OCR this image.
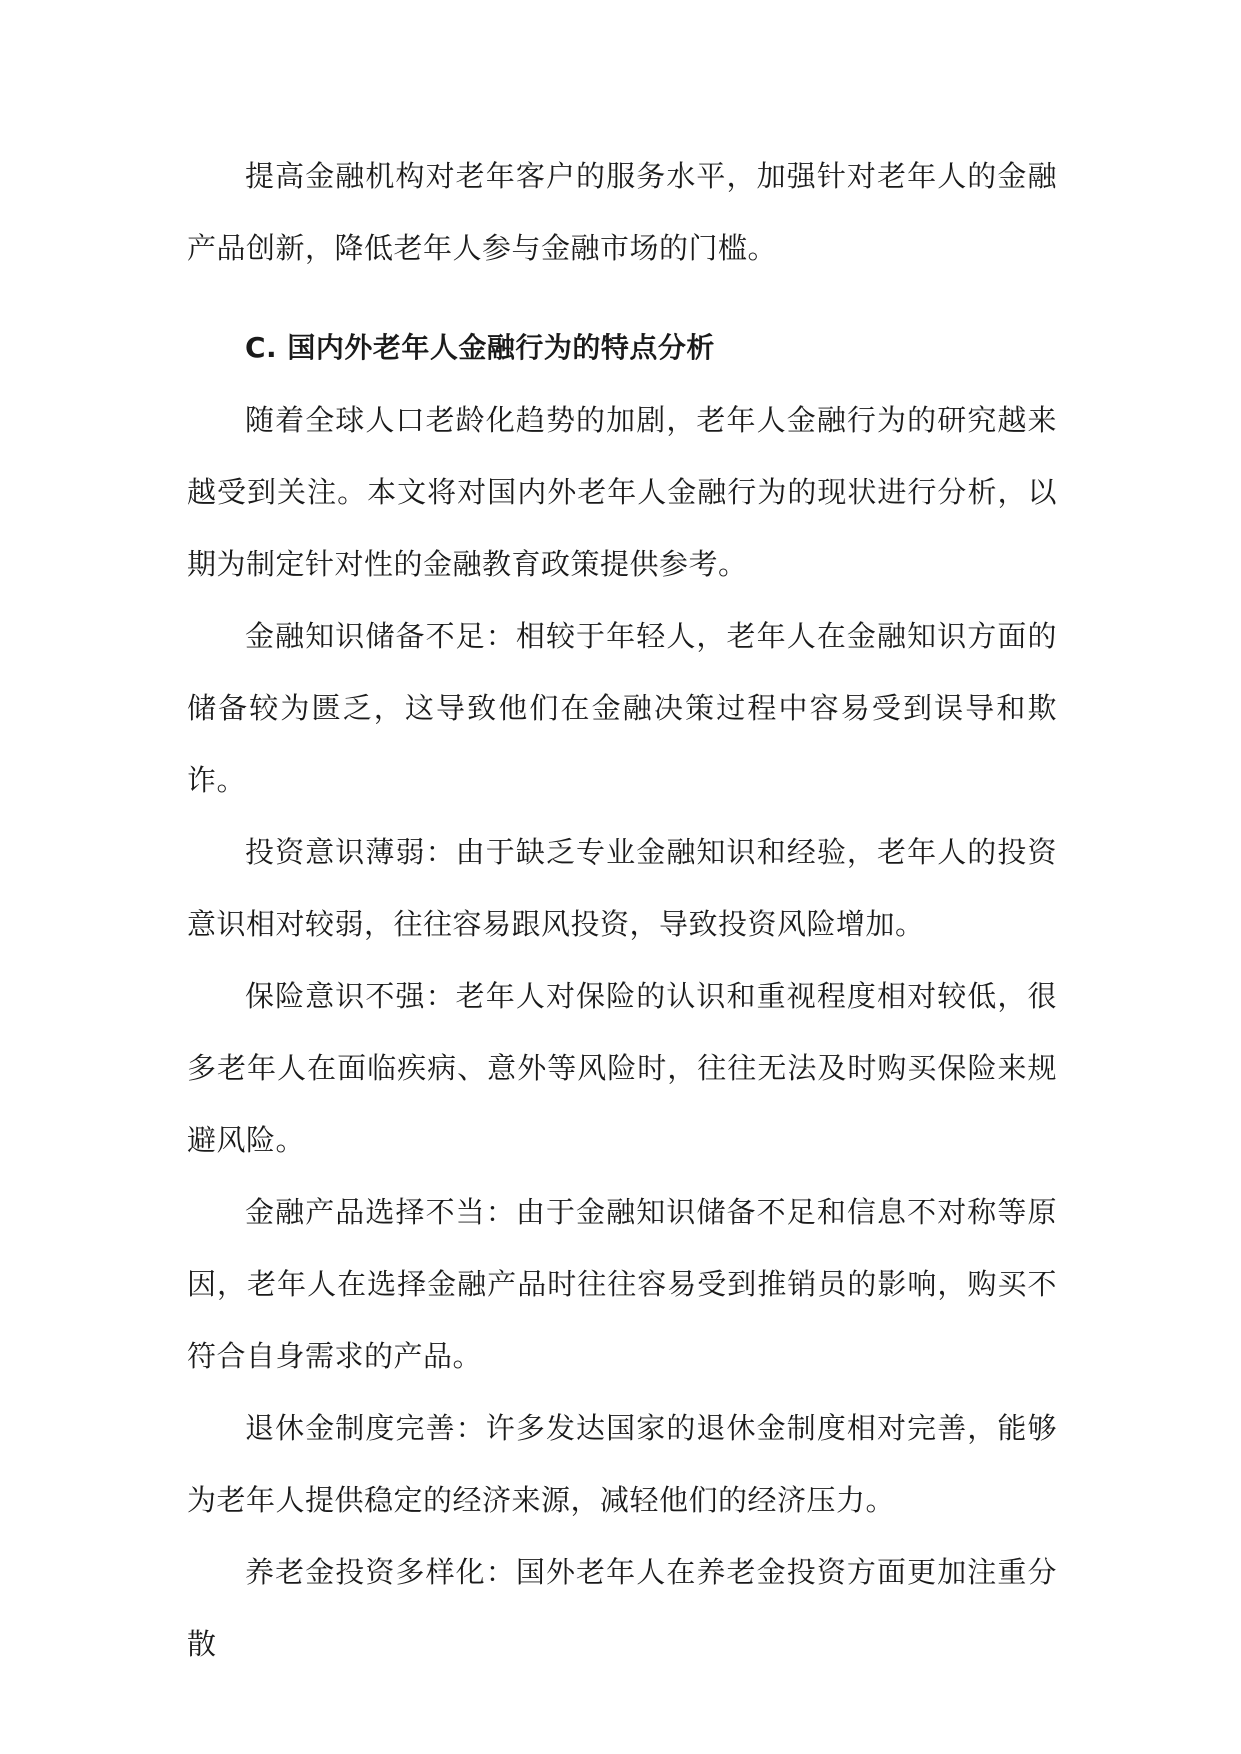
提高金融机构对老年客户的服务水平，加强针对老年人的金融产品创新，降低老年人参与金融市场的门槛。

C. 国内外老年人金融行为的特点分析

随着全球人口老龄化趋势的加剧，老年人金融行为的研究越来越受到关注。本文将对国内外老年人金融行为的现状进行分析，以期为制定针对性的金融教育政策提供参考。

金融知识储备不足：相较于年轻人，老年人在金融知识方面的储备较为匮乏，这导致他们在金融决策过程中容易受到误导和欺诈。

投资意识薄弱：由于缺乏专业金融知识和经验，老年人的投资意识相对较弱，往往容易跟风投资，导致投资风险增加。

保险意识不强：老年人对保险的认识和重视程度相对较低，很多老年人在面临疾病、意外等风险时，往往无法及时购买保险来规避风险。

金融产品选择不当：由于金融知识储备不足和信息不对称等原因，老年人在选择金融产品时往往容易受到推销员的影响，购买不符合自身需求的产品。

退休金制度完善：许多发达国家的退休金制度相对完善，能够为老年人提供稳定的经济来源，减轻他们的经济压力。

养老金投资多样化：国外老年人在养老金投资方面更加注重分散
